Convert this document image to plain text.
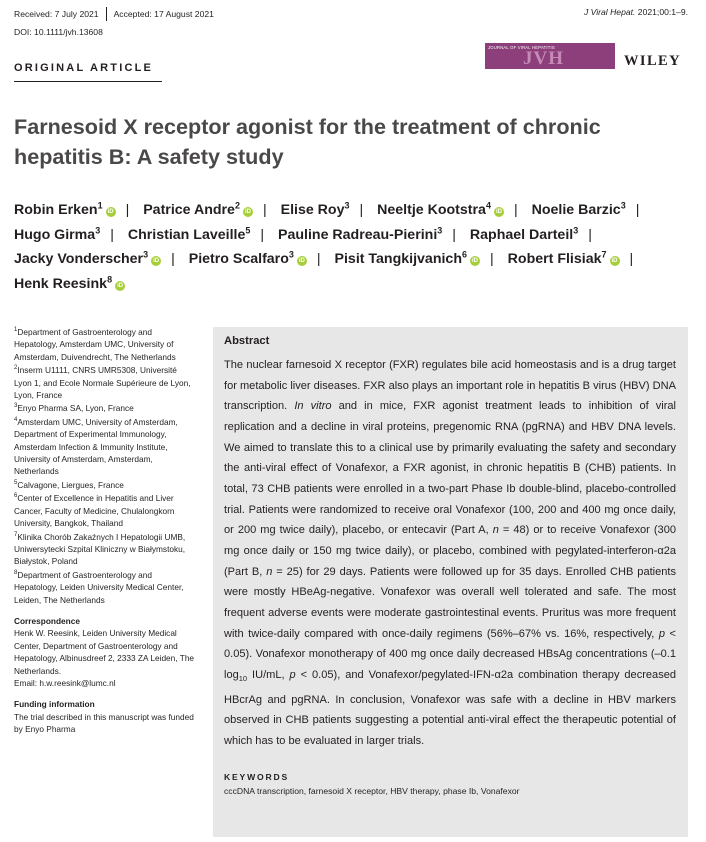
Received: 7 July 2021 Accepted: 17 August 2021	J Viral Hepat. 2021;00:1–9.
DOI: 10.1111/jvh.13608
ORIGINAL ARTICLE
JOURNAL OF VIRAL HEPATITIS
JVH	WILEY
Farnesoid X receptor agonist for the treatment of chronic hepatitis B: A safety study
Robin Erken$^1$iD | Patrice Andre$^2$iD | Elise Roy$^3$ | Neeltje Kootstra$^4$iD | Noelie Barzic$^3$ | Hugo Girma$^3$ | Christian Laveille$^5$ | Pauline Radreau-Pierini$^3$ | Raphael Darteil$^3$ | Jacky Vonderscher$^3$iD | Pietro Scalfaro$^3$iD | Pisit Tangkijvanich$^6$iD | Robert Flisiak$^7$iD | Henk Reesink$^8$iD
$^1$Department of Gastroenterology and Hepatology, Amsterdam UMC, University of Amsterdam, Duivendrecht, The Netherlands
$^2$Inserm U1111, CNRS UMR5308, Université Lyon 1, and Ecole Normale Supérieure de Lyon, Lyon, France
$^3$Enyo Pharma SA, Lyon, France
$^4$Amsterdam UMC, University of Amsterdam, Department of Experimental Immunology, Amsterdam Infection & Immunity Institute, University of Amsterdam, Amsterdam, Netherlands
$^5$Calvagone, Liergues, France
$^6$Center of Excellence in Hepatitis and Liver Cancer, Faculty of Medicine, Chulalongkorn University, Bangkok, Thailand
$^7$Klinika Chorób Zakaźnych I Hepatologii UMB, Uniwersytecki Szpital Kliniczny w Białymstoku, Białystok, Poland
$^8$Department of Gastroenterology and Hepatology, Leiden University Medical Center, Leiden, The Netherlands
Correspondence
Henk W. Reesink, Leiden University Medical Center, Department of Gastroenterology and Hepatology, Albinusdreef 2, 2333 ZA Leiden, The Netherlands.
Email: h.w.reesink@lumc.nl
Funding information
The trial described in this manuscript was funded by Enyo Pharma
Abstract
The nuclear farnesoid X receptor (FXR) regulates bile acid homeostasis and is a drug target for metabolic liver diseases. FXR also plays an important role in hepatitis B virus (HBV) DNA transcription. In vitro and in mice, FXR agonist treatment leads to inhibition of viral replication and a decline in viral proteins, pregenomic RNA (pgRNA) and HBV DNA levels. We aimed to translate this to a clinical use by primarily evaluating the safety and secondary the anti-viral effect of Vonafexor, a FXR agonist, in chronic hepatitis B (CHB) patients. In total, 73 CHB patients were enrolled in a two-part Phase Ib double-blind, placebo-controlled trial. Patients were randomized to receive oral Vonafexor (100, 200 and 400 mg once daily, or 200 mg twice daily), placebo, or entecavir (Part A, n = 48) or to receive Vonafexor (300 mg once daily or 150 mg twice daily), or placebo, combined with pegylated-interferon-α2a (Part B, n = 25) for 29 days. Patients were followed up for 35 days. Enrolled CHB patients were mostly HBeAg-negative. Vonafexor was overall well tolerated and safe. The most frequent adverse events were moderate gastrointestinal events. Pruritus was more frequent with twice-daily compared with once-daily regimens (56%–67% vs. 16%, respectively, p < 0.05). Vonafexor monotherapy of 400 mg once daily decreased HBsAg concentrations (–0.1 $\log_{10} IU/mL$, p < 0.05), and Vonafexor/pegylated-IFN-α2a combination therapy decreased HBcrAg and pgRNA. In conclusion, Vonafexor was safe with a decline in HBV markers observed in CHB patients suggesting a potential anti-viral effect the therapeutic potential of which has to be evaluated in larger trials.
KEYWORDS
cccDNA transcription, farnesoid X receptor, HBV therapy, phase Ib, Vonafexor
